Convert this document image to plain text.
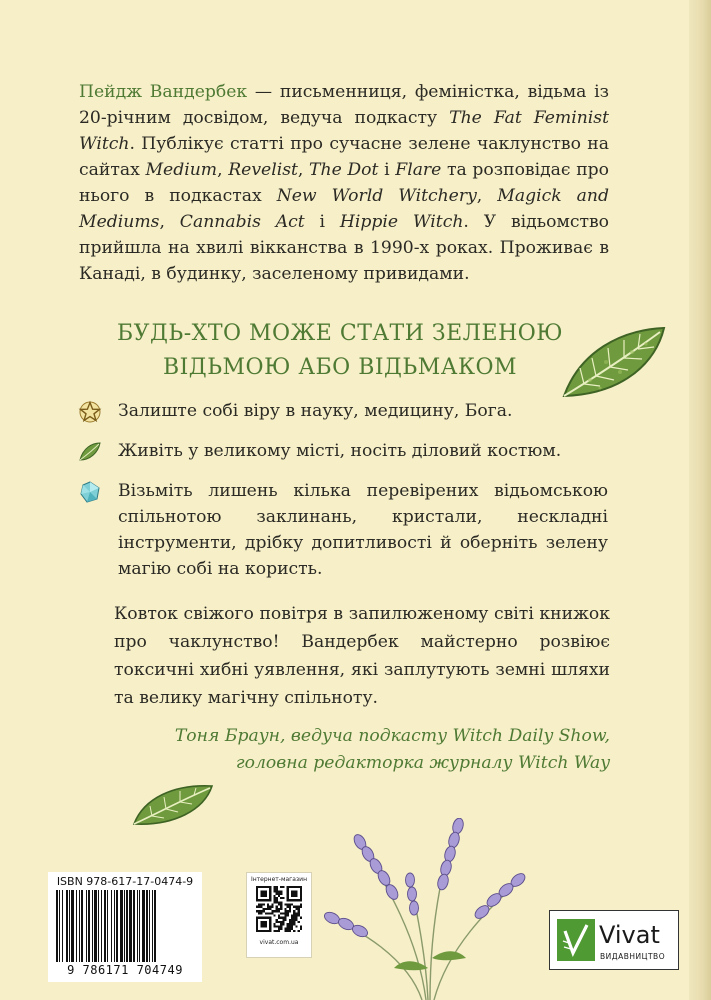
Пейдж Вандербек — письменниця, феміністка, відьма із 20-річним досвідом, ведуча подкасту The Fat Feminist Witch. Публікує статті про сучасне зелене чаклунство на сайтах Medium, Revelist, The Dot і Flare та розповідає про нього в подкастах New World Witchery, Magick and Mediums, Cannabis Act і Hippie Witch. У відьомство прийшла на хвилі вікканства в 1990-х роках. Проживає в Канаді, в будинку, заселеному привидами.

БУДЬ-ХТО МОЖЕ СТАТИ ЗЕЛЕНОЮ
ВІДЬМОЮ АБО ВІДЬМАКОМ
Залиште собі віру в науку, медицину, Бога.
Живіть у великому місті, носіть діловий костюм.
Візьміть лишень кілька перевірених відьомською спільнотою заклинань, кристали, нескладні інструменти, дрібку допитливості й оберніть зелену магію собі на користь.
Ковток свіжого повітря в запилюженому світі книжок про чаклунство! Вандербек майстерно розвіює токсичні хибні уявлення, які заплутують земні шляхи та велику магічну спільноту.
Тоня Браун, ведуча подкасту Witch Daily Show,
головна редакторка журналу Witch Way
ISBN 978-617-17-0474-9
9 786171 704749
Інтернет-магазин
vivat.com.ua	Vivat
ВИДАВНИЦТВО
